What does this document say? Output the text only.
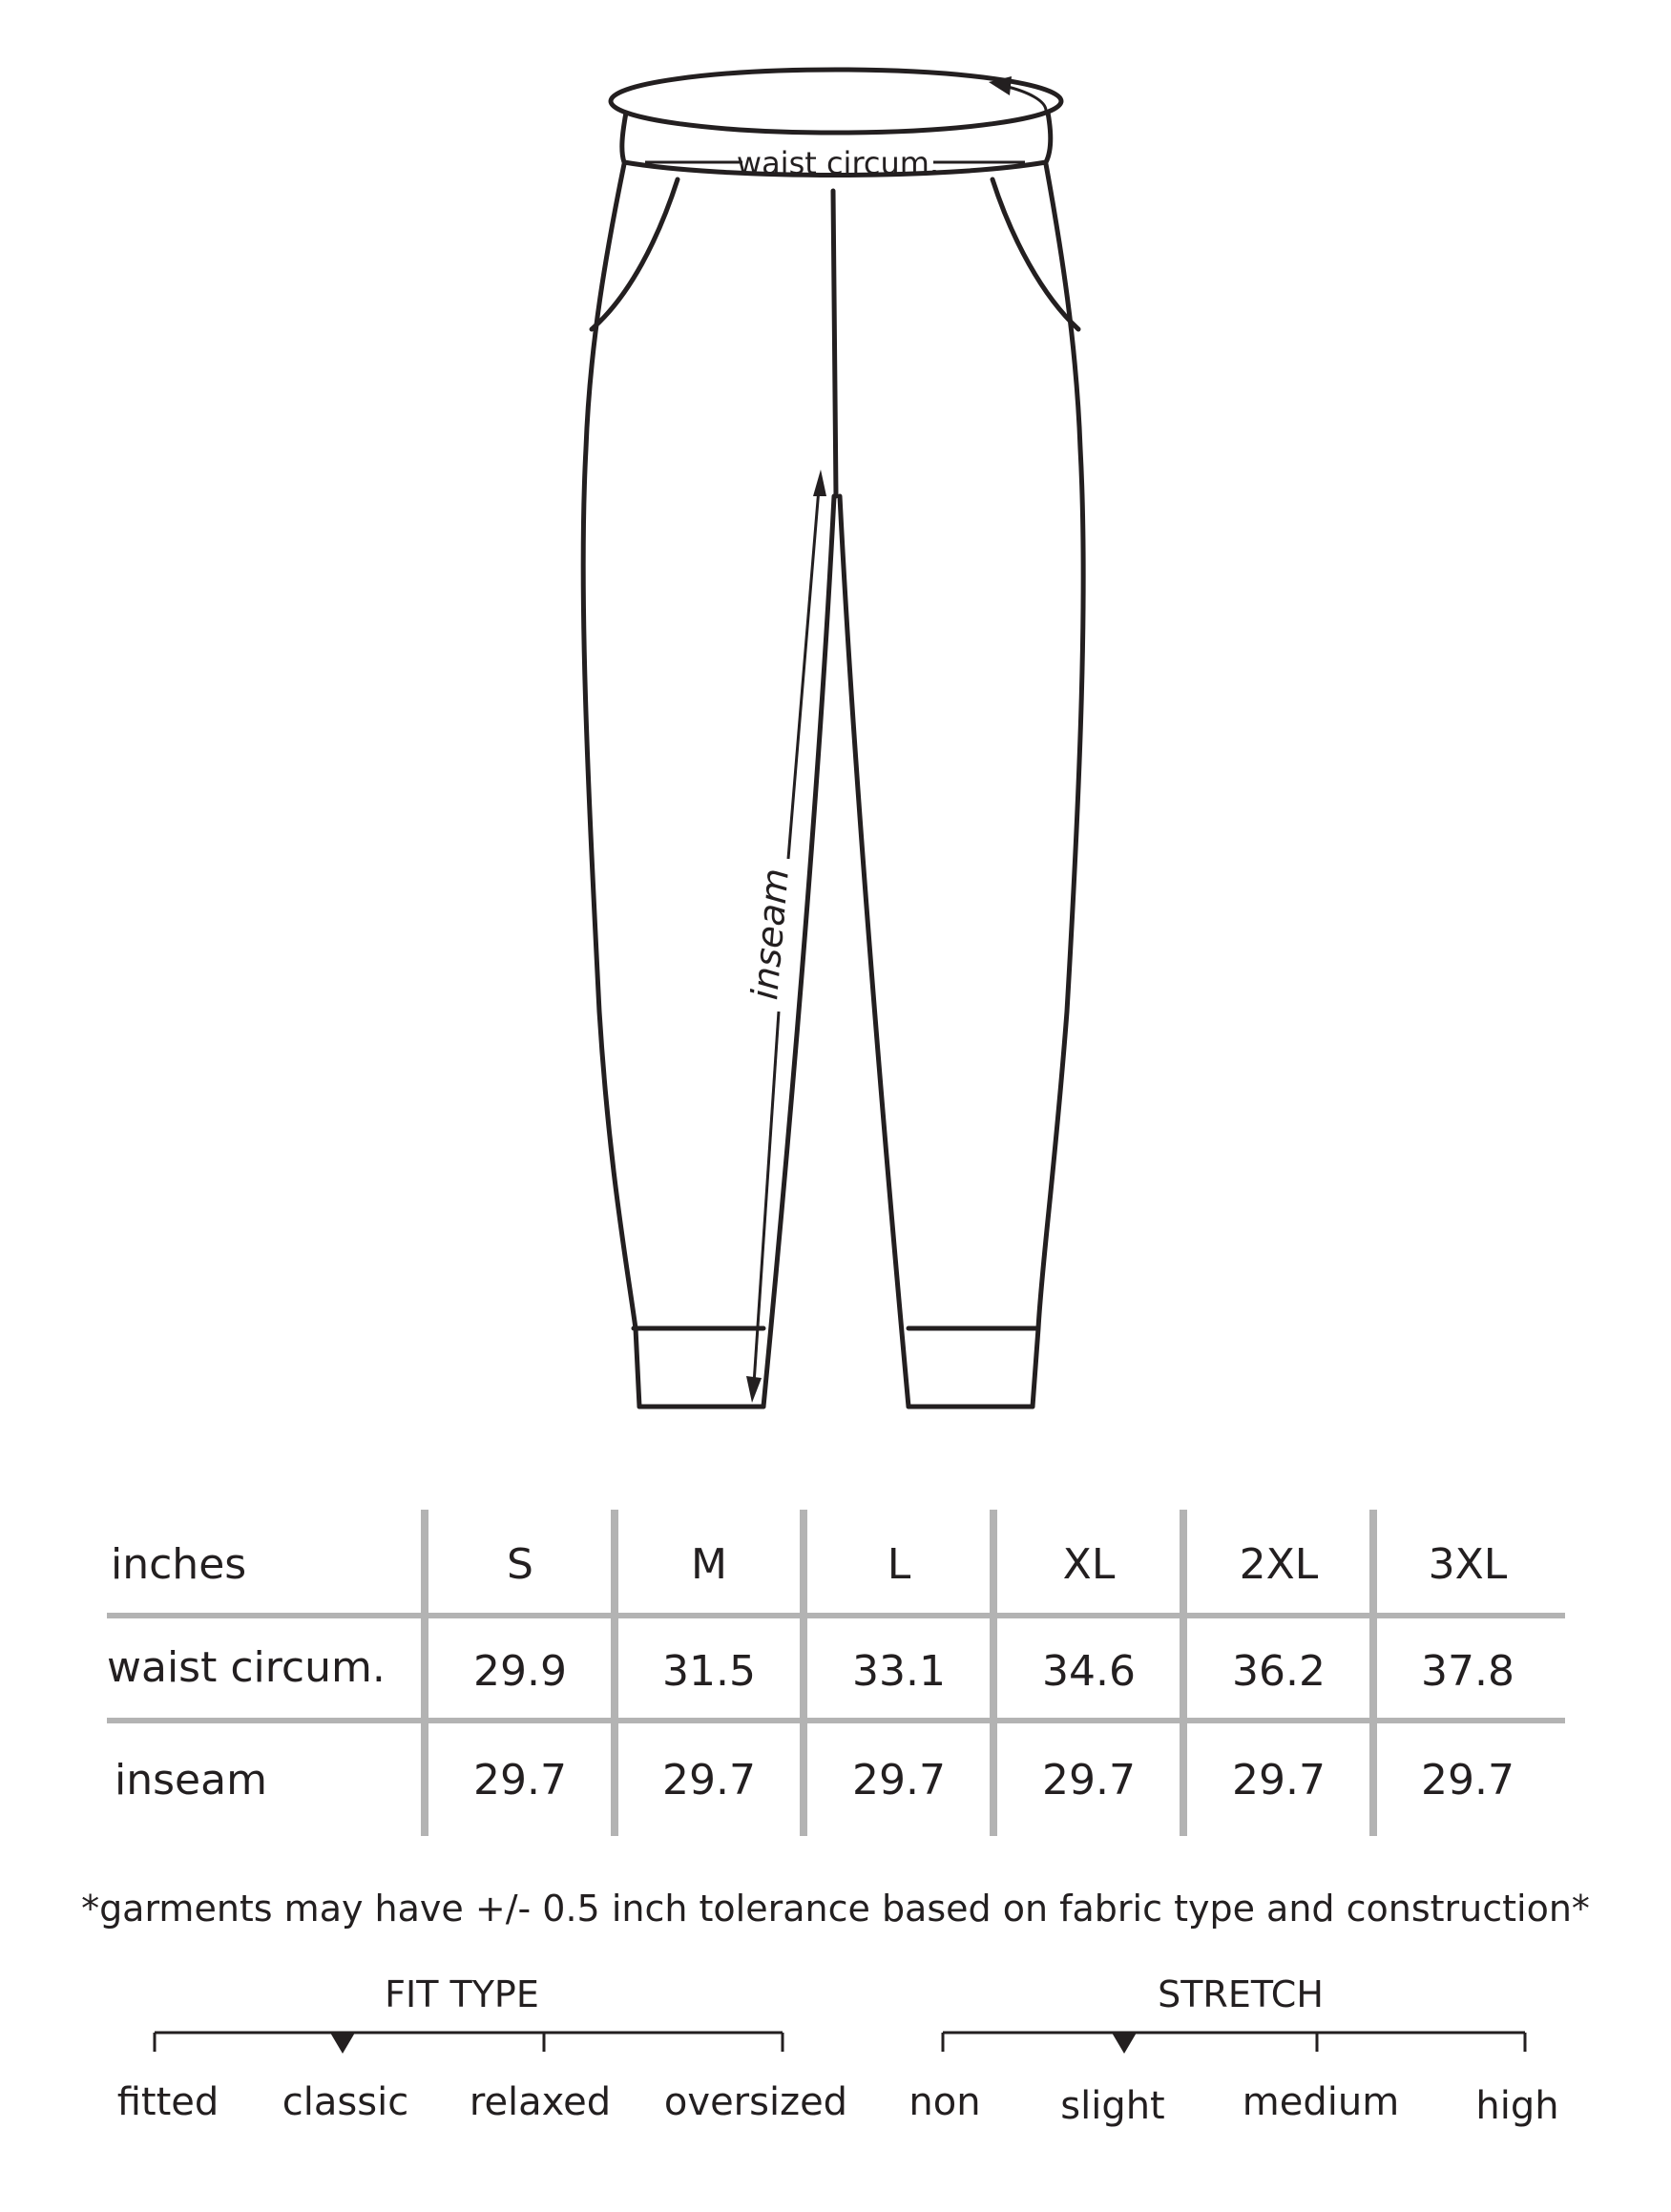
waist circum.
inseam
inches	S	M	L	XL	2XL	3XL
waist circum. 29.9 31.5 33.1 34.6 36.2 37.8
inseam	29.7 29.7 29.7 29.7 29.7 29.7
*garments may have +/- 0.5 inch tolerance based on fabric type and construction*
FIT TYPE
fitted classic relaxed oversized
STRETCH
non slight medium high
